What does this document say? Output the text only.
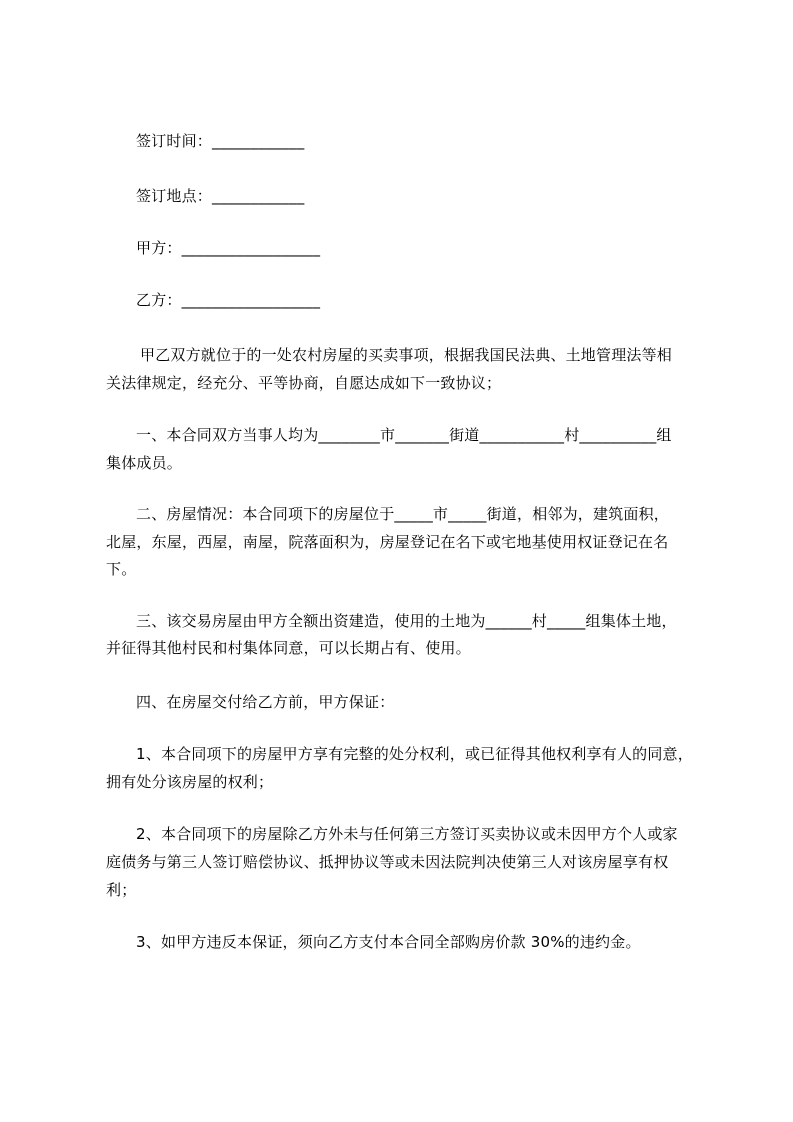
签订时间：____________

签订地点：____________

甲方：__________________

乙方：__________________

甲乙双方就位于的一处农村房屋的买卖事项，根据我国民法典、土地管理法等相

关法律规定，经充分、平等协商，自愿达成如下一致协议；

一、本合同双方当事人均为________市_______街道___________村__________组

集体成员。

二、房屋情况：本合同项下的房屋位于_____市_____街道，相邻为，建筑面积，

北屋，东屋，西屋，南屋，院落面积为，房屋登记在名下或宅地基使用权证登记在名

下。

三、该交易房屋由甲方全额出资建造，使用的土地为______村_____组集体土地，

并征得其他村民和村集体同意，可以长期占有、使用。

四、在房屋交付给乙方前，甲方保证：

1、本合同项下的房屋甲方享有完整的处分权利，或已征得其他权利享有人的同意，

拥有处分该房屋的权利；

2、本合同项下的房屋除乙方外未与任何第三方签订买卖协议或未因甲方个人或家

庭债务与第三人签订赔偿协议、抵押协议等或未因法院判决使第三人对该房屋享有权

利；

3、如甲方违反本保证，须向乙方支付本合同全部购房价款 30%的违约金。
